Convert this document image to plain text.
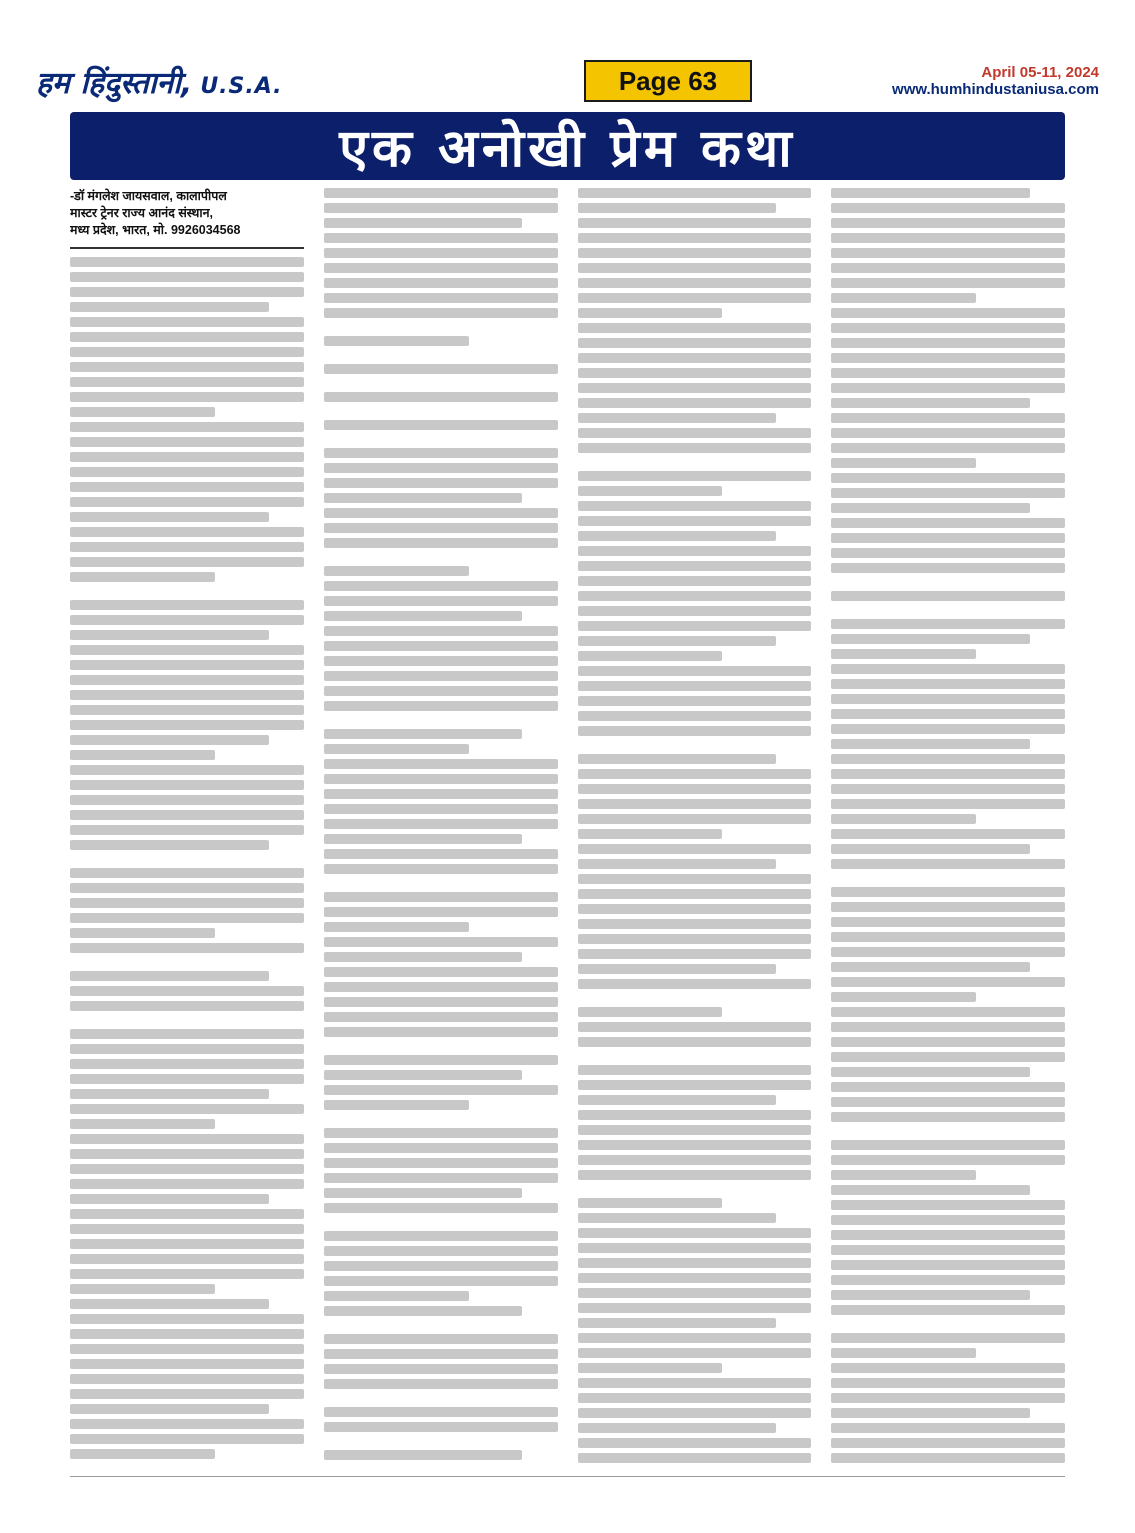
हम हिंदुस्तानी, U.S.A.	Page 63	April 05-11, 2024
www.humhindustaniusa.com
एक अनोखी प्रेम कथा
-डॉ मंगलेश जायसवाल, कालापीपल
मास्टर ट्रेनर राज्य आनंद संस्थान,
मध्य प्रदेश, भारत, मो. 9926034568
